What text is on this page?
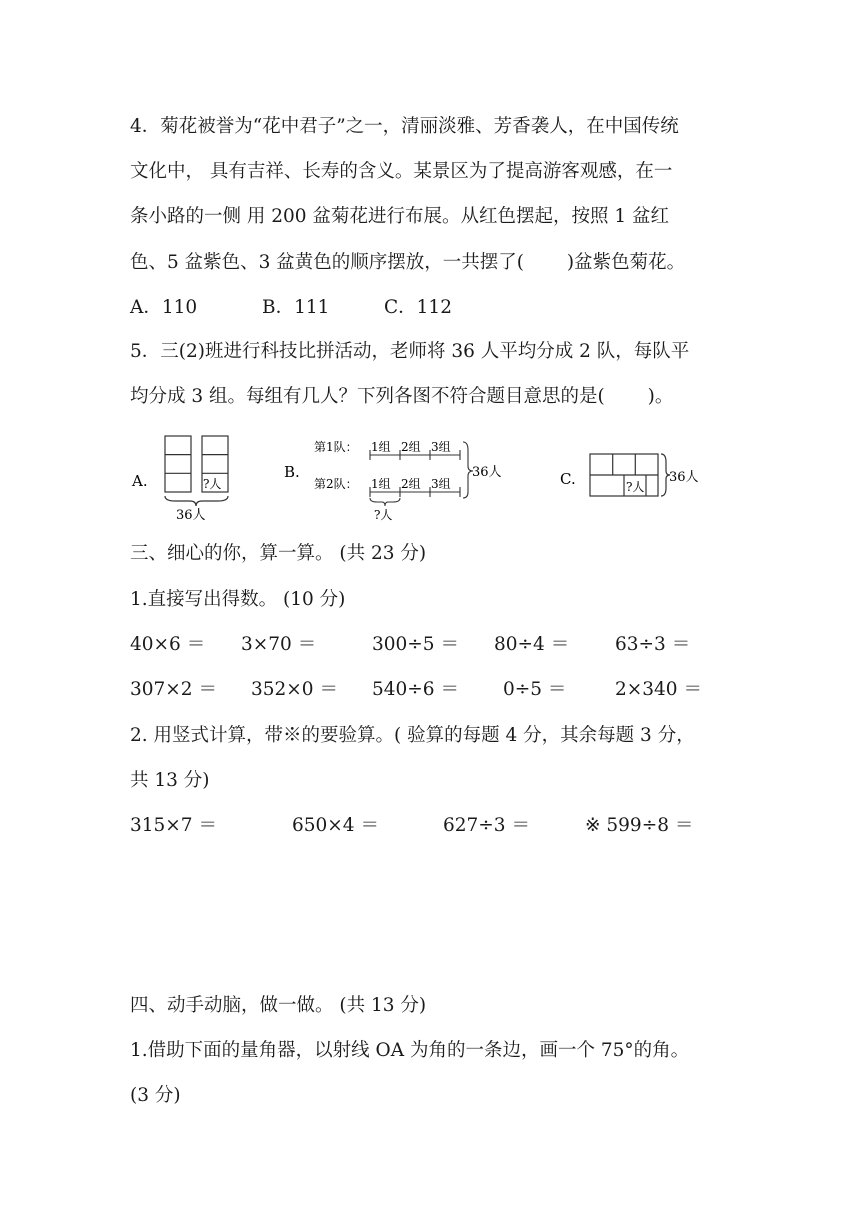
4．菊花被誉为“花中君子”之一，清丽淡雅、芳香袭人，在中国传统
文化中， 具有吉祥、长寿的含义。某景区为了提高游客观感，在一
条小路的一侧 用 200 盆菊花进行布展。从红色摆起，按照 1 盆红
色、5 盆紫色、3 盆黄色的顺序摆放，一共摆了(　　 )盆紫色菊花。
A．110	B．111	C．112
5．三(2)班进行科技比拼活动，老师将 36 人平均分成 2 队，每队平
均分成 3 组。每组有几人？下列各图不符合题目意思的是(　　 )。
A.	?人
36人
B.
第1队：
第2队：
1组 2组 3组
1组 2组 3组
36人
?人
C.	?人
36人
三、细心的你，算一算。 (共 23 分)
1.直接写出得数。 (10 分)
40×6 ＝ 3×70 ＝	300÷5 ＝ 80÷4 ＝ 63÷3 ＝
307×2 ＝ 352×0 ＝ 540÷6 ＝ 0÷5 ＝	2×340 ＝
2. 用竖式计算，带※的要验算。( 验算的每题 4 分，其余每题 3 分，
共 13 分)
315×7 ＝	650×4 ＝	627÷3 ＝	※ 599÷8 ＝
四、动手动脑，做一做。 (共 13 分)
1.借助下面的量角器，以射线 OA 为角的一条边，画一个 75°的角。
(3 分)
